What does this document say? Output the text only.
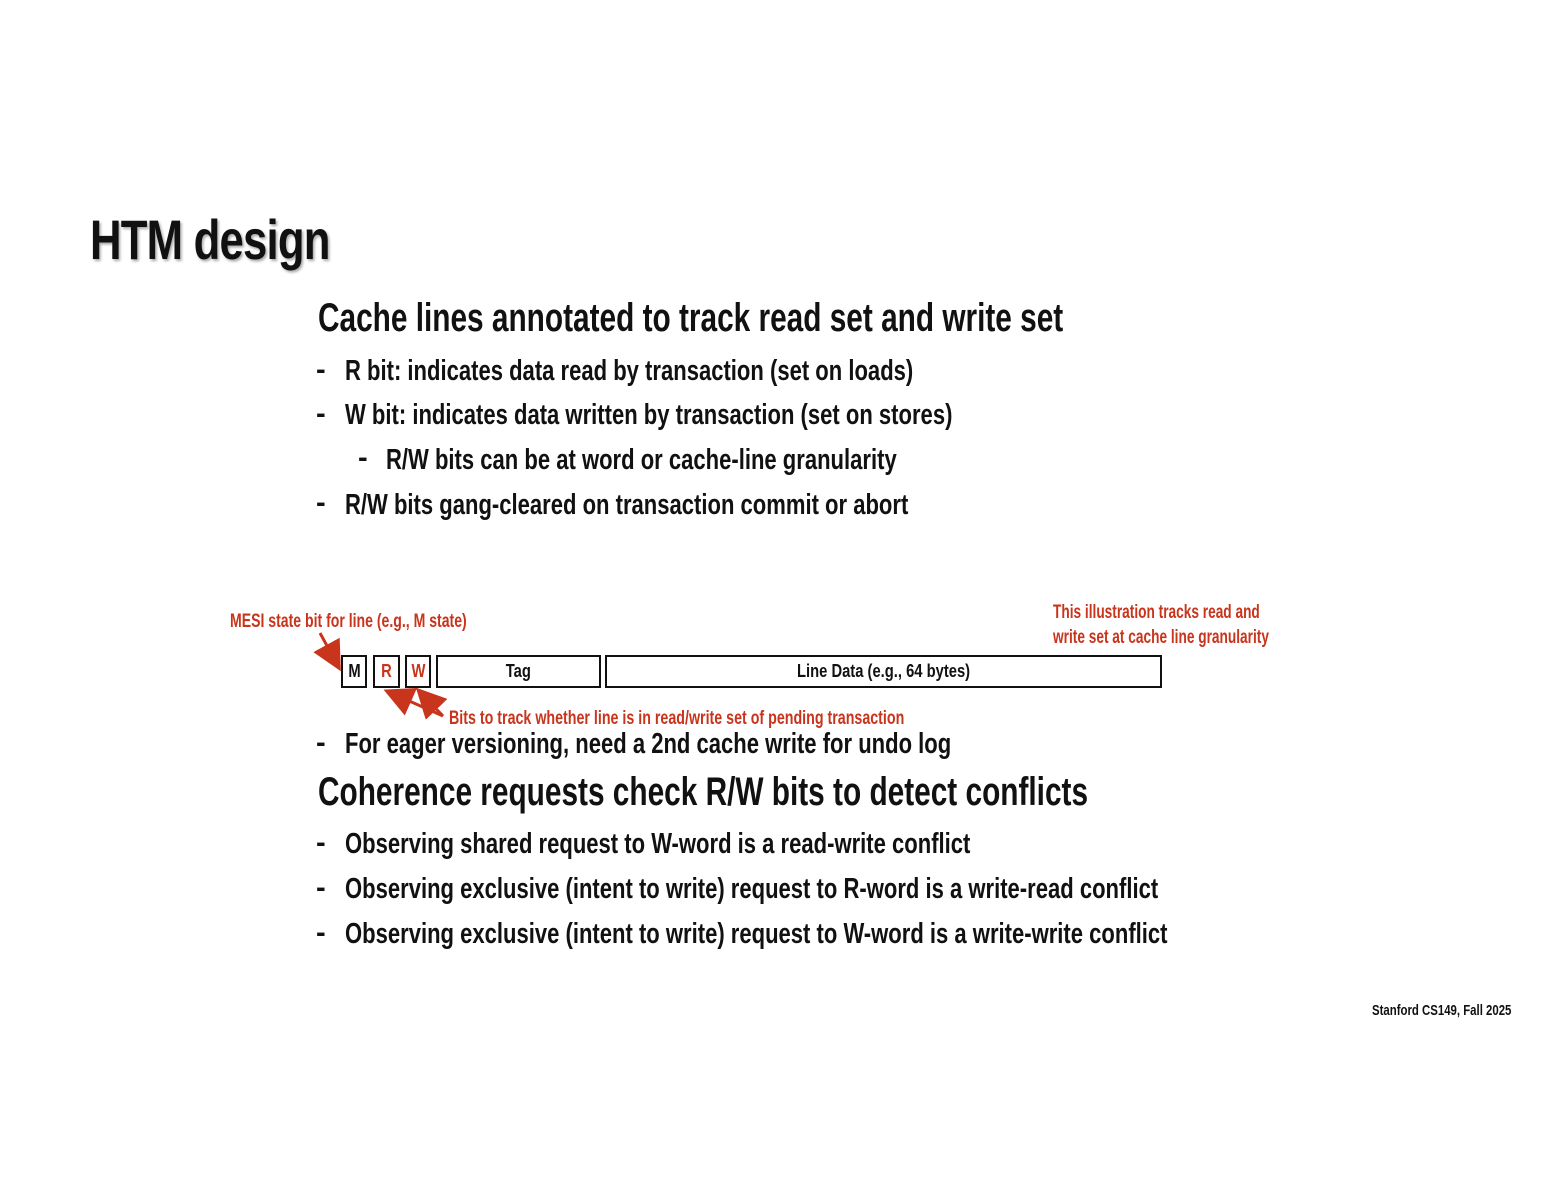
HTM design
Cache lines annotated to track read set and write set
- R bit: indicates data read by transaction (set on loads)
- W bit: indicates data written by transaction (set on stores)
- R/W bits can be at word or cache-line granularity
- R/W bits gang-cleared on transaction commit or abort
MESI state bit for line (e.g., M state)	This illustration tracks read and
write set at cache line granularity
M R W	Tag	Line Data (e.g., 64 bytes)
Bits to track whether line is in read/write set of pending transaction
- For eager versioning, need a 2nd cache write for undo log
Coherence requests check R/W bits to detect conflicts
- Observing shared request to W-word is a read-write conflict
- Observing exclusive (intent to write) request to R-word is a write-read conflict
- Observing exclusive (intent to write) request to W-word is a write-write conflict
Stanford CS149, Fall 2025
